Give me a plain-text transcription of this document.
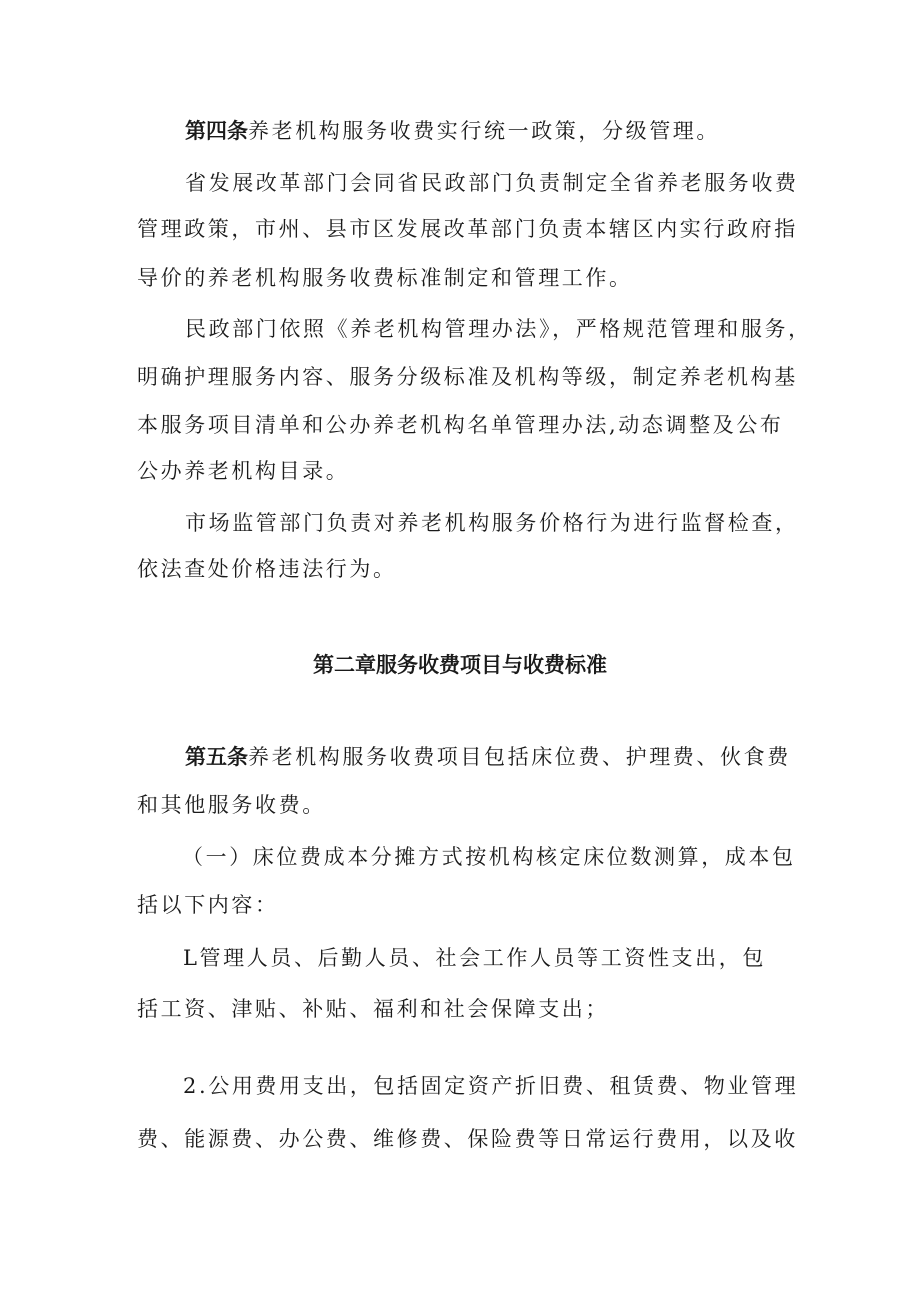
第四条养老机构服务收费实行统一政策，分级管理。
省发展改革部门会同省民政部门负责制定全省养老服务收费
管理政策，市州、县市区发展改革部门负责本辖区内实行政府指
导价的养老机构服务收费标准制定和管理工作。
民政部门依照《养老机构管理办法》，严格规范管理和服务，
明确护理服务内容、服务分级标准及机构等级，制定养老机构基
本服务项目清单和公办养老机构名单管理办法,动态调整及公布
公办养老机构目录。
市场监管部门负责对养老机构服务价格行为进行监督检查，
依法查处价格违法行为。
第二章服务收费项目与收费标准
第五条养老机构服务收费项目包括床位费、护理费、伙食费
和其他服务收费。
（一）床位费成本分摊方式按机构核定床位数测算，成本包
括以下内容：
L管理人员、后勤人员、社会工作人员等工资性支出，包
括工资、津贴、补贴、福利和社会保障支出；
2.公用费用支出，包括固定资产折旧费、租赁费、物业管理
费、能源费、办公费、维修费、保险费等日常运行费用，以及收
